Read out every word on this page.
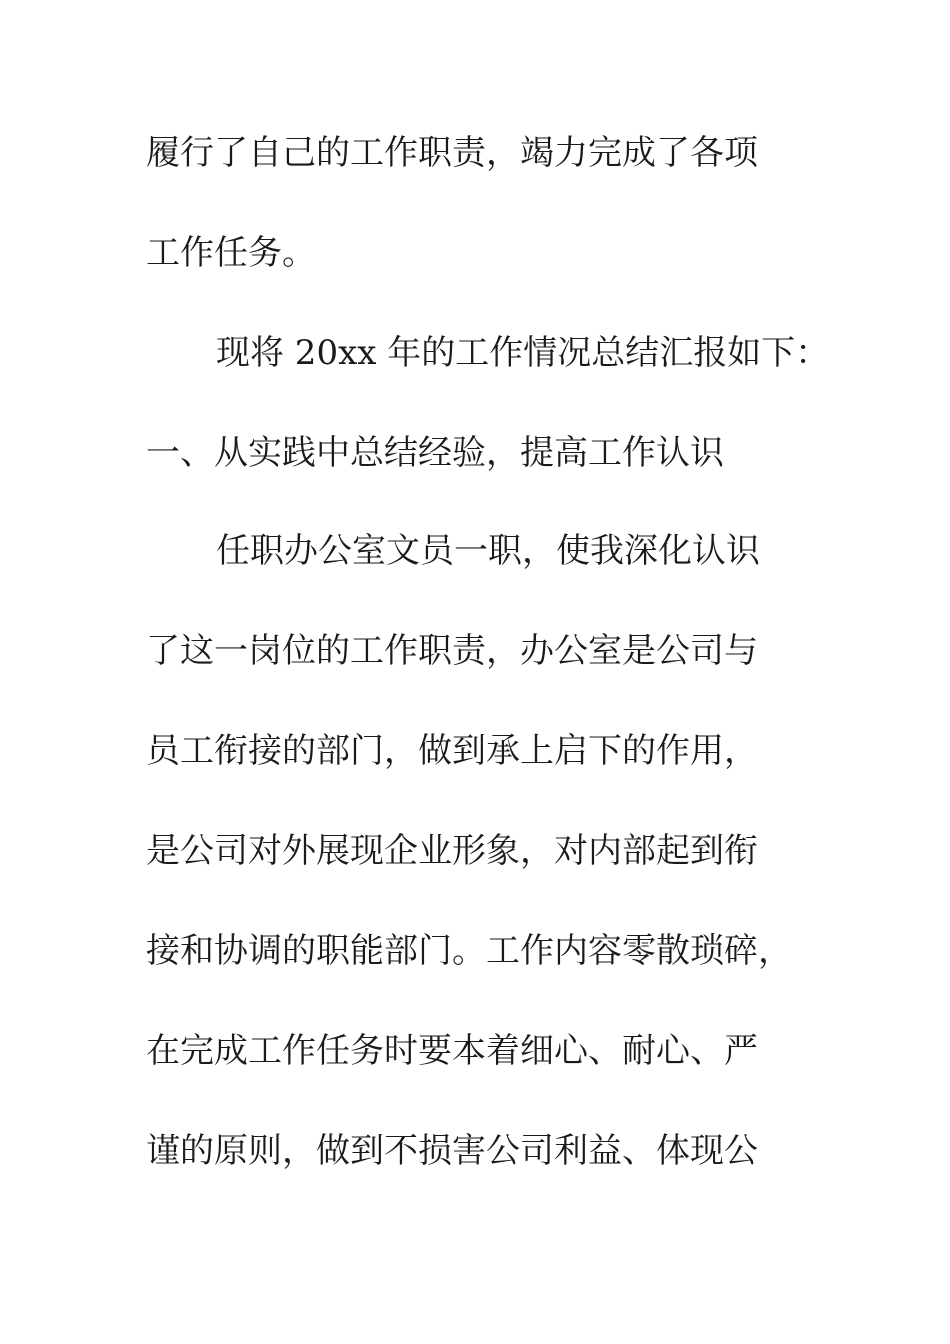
履行了自己的工作职责，竭力完成了各项

工作任务。

现将 20xx 年的工作情况总结汇报如下：

一、从实践中总结经验，提高工作认识

任职办公室文员一职，使我深化认识

了这一岗位的工作职责，办公室是公司与

员工衔接的部门，做到承上启下的作用，

是公司对外展现企业形象，对内部起到衔

接和协调的职能部门。工作内容零散琐碎，

在完成工作任务时要本着细心、耐心、严

谨的原则，做到不损害公司利益、体现公
